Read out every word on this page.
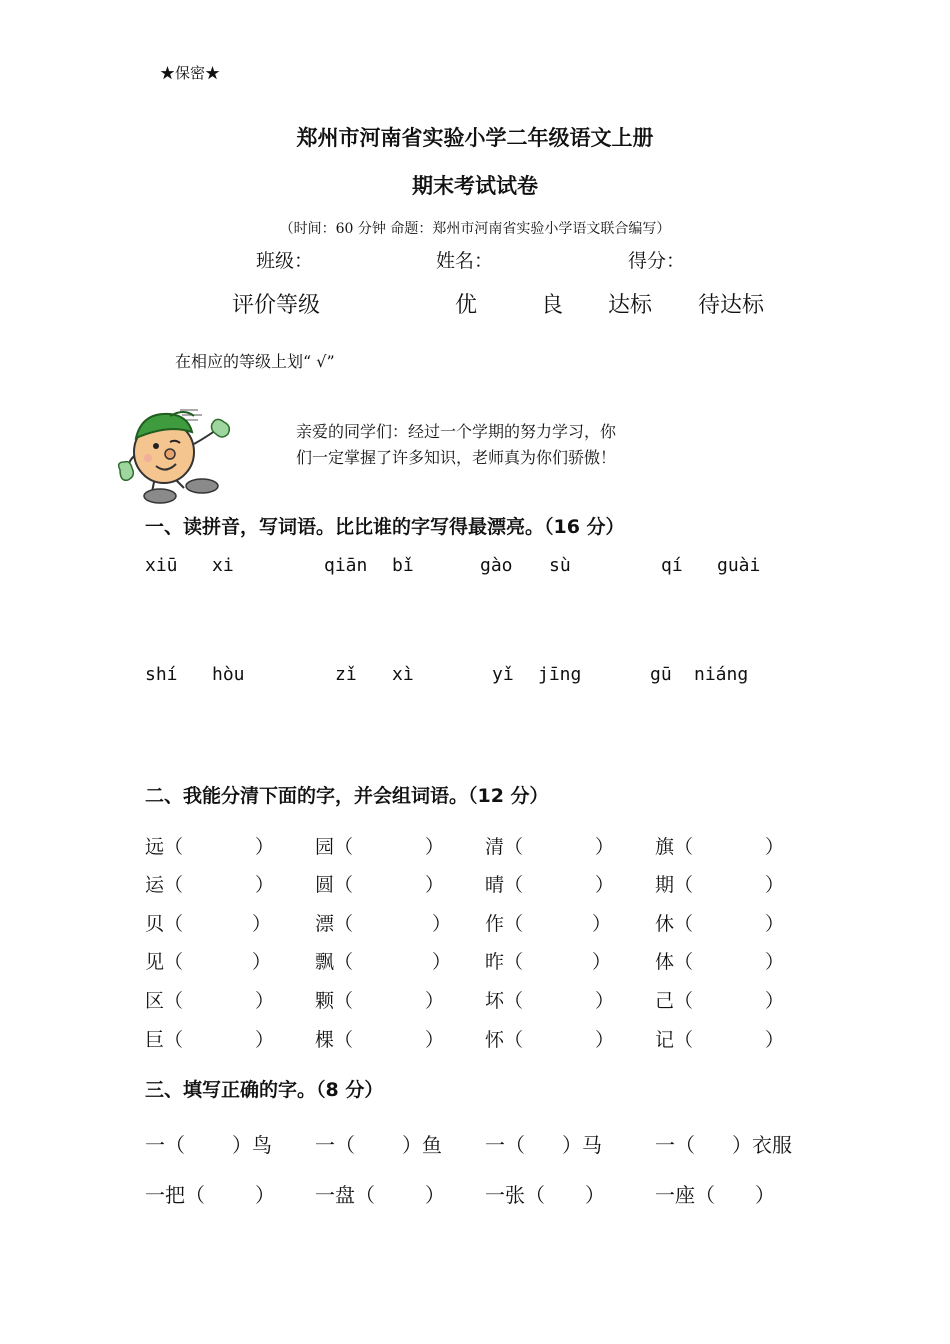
★保密★
郑州市河南省实验小学二年级语文上册
期末考试试卷
（时间：60 分钟 命题：郑州市河南省实验小学语文联合编写）
班级：	姓名：	得分：
评价等级	优	良 达标 待达标
在相应的等级上划“ √”
亲爱的同学们：经过一个学期的努力学习，你
们一定掌握了许多知识，老师真为你们骄傲！
一、读拼音，写词语。比比谁的字写得最漂亮。（16 分）
xiū xi	qiān bǐ	gào sù	qí guài
shí hòu	zǐ xì	yǐ jīng	gū niáng
二、我能分清下面的字，并会组词语。（12 分）
远（	） 园（	） 清（	） 旗（	）
运（	） 圆（	） 晴（	） 期（	）
贝（	） 漂（	） 作（	） 休（	）
见（	） 飘（	） 昨（	） 体（	）
区（	） 颗（	） 坏（	） 己（	）
巨（	） 棵（	） 怀（	） 记（	）
三、填写正确的字。（8 分）
一（ ）鸟 一（ ）鱼 一（ ）马	一（ ）衣服
一把（	） 一盘（	） 一张（ ）	一座（ ）
